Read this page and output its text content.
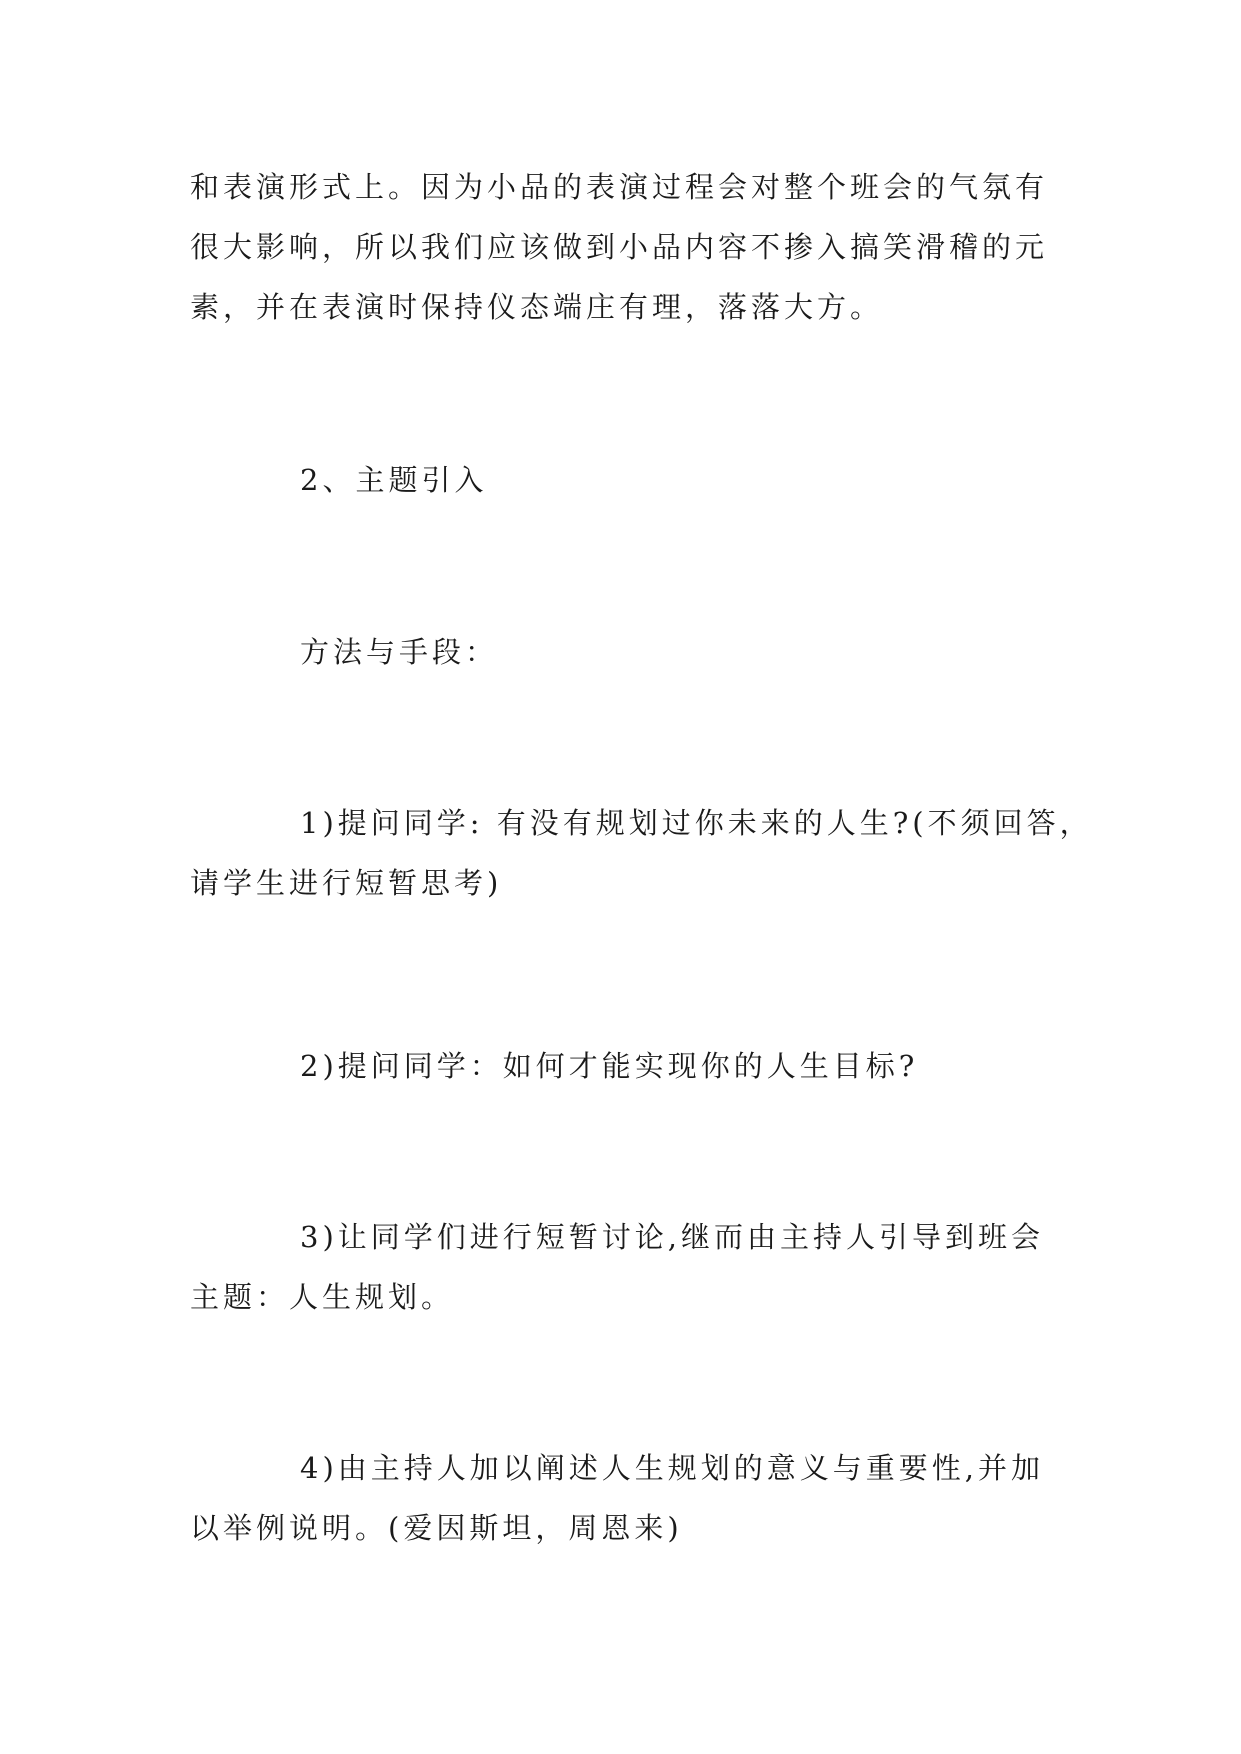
和表演形式上。因为小品的表演过程会对整个班会的气氛有
很大影响，所以我们应该做到小品内容不掺入搞笑滑稽的元
素，并在表演时保持仪态端庄有理，落落大方。

2、主题引入

方法与手段：

1)提问同学: 有没有规划过你未来的人生?(不须回答，
请学生进行短暂思考)

2)提问同学：如何才能实现你的人生目标?

3)让同学们进行短暂讨论,继而由主持人引导到班会
主题：人生规划。

4)由主持人加以阐述人生规划的意义与重要性,并加
以举例说明。(爱因斯坦，周恩来)
